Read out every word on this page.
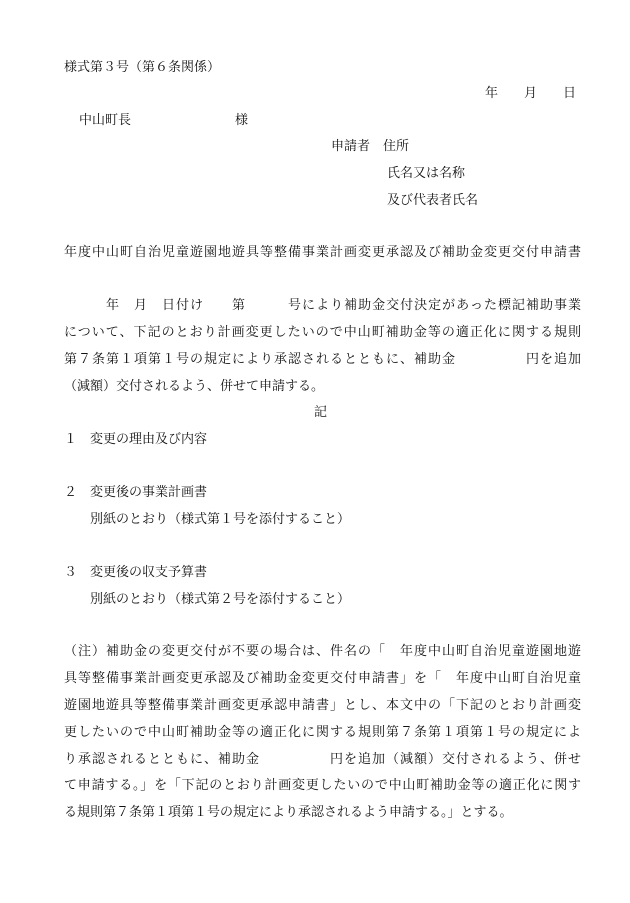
様式第３号（第６条関係）
年　　月　　日
中山町長　　　　　　　　様
申請者　住所
氏名又は名称
及び代表者氏名
年度中山町自治児童遊園地遊具等整備事業計画変更承認及び補助金変更交付申請書
　　　年　月　日付け　　第　　　号により補助金交付決定があった標記補助事業
について、下記のとおり計画変更したいので中山町補助金等の適正化に関する規則
第７条第１項第１号の規定により承認されるとともに、補助金　　　　　円を追加
（減額）交付されるよう、併せて申請する。
記
１　変更の理由及び内容
２　変更後の事業計画書
別紙のとおり（様式第１号を添付すること）
３　変更後の収支予算書
別紙のとおり（様式第２号を添付すること）
（注）補助金の変更交付が不要の場合は、件名の「　年度中山町自治児童遊園地遊
具等整備事業計画変更承認及び補助金変更交付申請書」を「　年度中山町自治児童
遊園地遊具等整備事業計画変更承認申請書」とし、本文中の「下記のとおり計画変
更したいので中山町補助金等の適正化に関する規則第７条第１項第１号の規定によ
り承認されるとともに、補助金　　　　　円を追加（減額）交付されるよう、併せ
て申請する。」を「下記のとおり計画変更したいので中山町補助金等の適正化に関す
る規則第７条第１項第１号の規定により承認されるよう申請する。」とする。
